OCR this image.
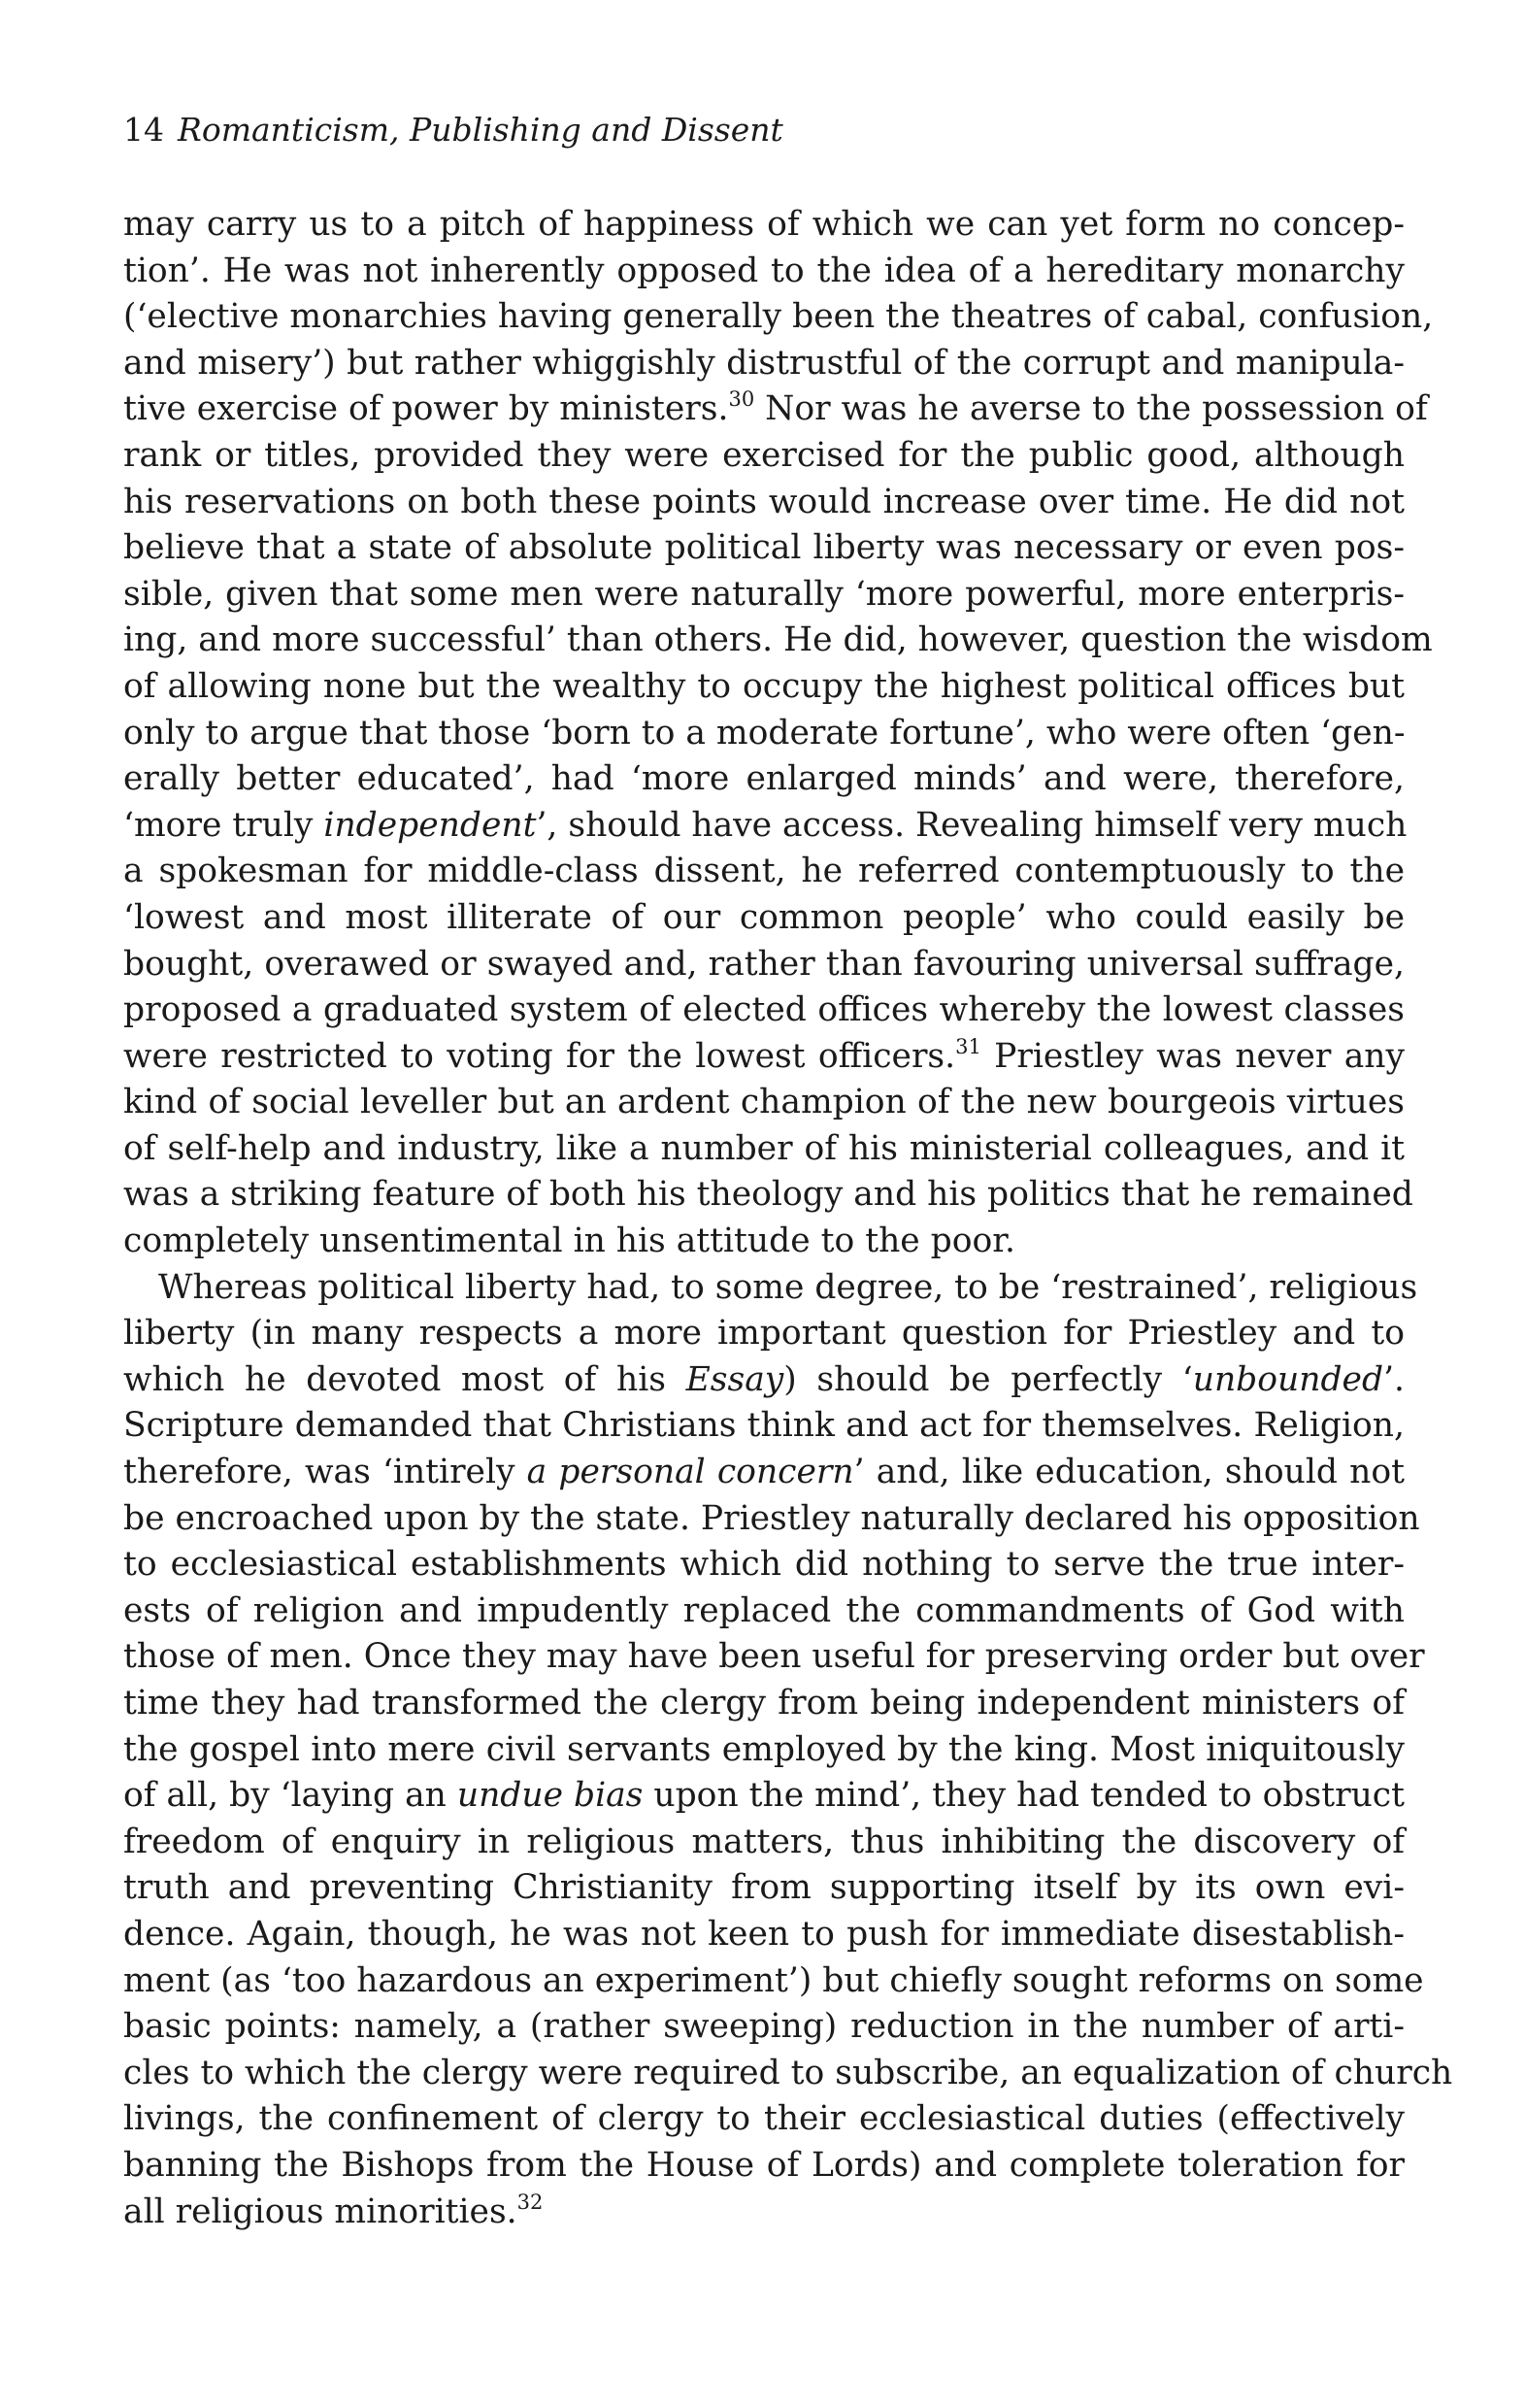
14 Romanticism, Publishing and Dissent
may carry us to a pitch of happiness of which we can yet form no concep-
tion’. He was not inherently opposed to the idea of a hereditary monarchy
(‘elective monarchies having generally been the theatres of cabal, confusion,
and misery’) but rather whiggishly distrustful of the corrupt and manipula-
tive exercise of power by ministers.$^{30}$ Nor was he averse to the possession of
rank or titles, provided they were exercised for the public good, although
his reservations on both these points would increase over time. He did not
believe that a state of absolute political liberty was necessary or even pos-
sible, given that some men were naturally ‘more powerful, more enterpris-
ing, and more successful’ than others. He did, however, question the wisdom
of allowing none but the wealthy to occupy the highest political offices but
only to argue that those ‘born to a moderate fortune’, who were often ‘gen-
erally better educated’, had ‘more enlarged minds’ and were, therefore,
‘more truly independent’, should have access. Revealing himself very much
a spokesman for middle-class dissent, he referred contemptuously to the
‘lowest and most illiterate of our common people’ who could easily be
bought, overawed or swayed and, rather than favouring universal suffrage,
proposed a graduated system of elected offices whereby the lowest classes
were restricted to voting for the lowest officers.$^{31}$ Priestley was never any
kind of social leveller but an ardent champion of the new bourgeois virtues
of self-help and industry, like a number of his ministerial colleagues, and it
was a striking feature of both his theology and his politics that he remained
completely unsentimental in his attitude to the poor.
Whereas political liberty had, to some degree, to be ‘restrained’, religious
liberty (in many respects a more important question for Priestley and to
which he devoted most of his Essay) should be perfectly ‘unbounded’.
Scripture demanded that Christians think and act for themselves. Religion,
therefore, was ‘intirely a personal concern’ and, like education, should not
be encroached upon by the state. Priestley naturally declared his opposition
to ecclesiastical establishments which did nothing to serve the true inter-
ests of religion and impudently replaced the commandments of God with
those of men. Once they may have been useful for preserving order but over
time they had transformed the clergy from being independent ministers of
the gospel into mere civil servants employed by the king. Most iniquitously
of all, by ‘laying an undue bias upon the mind’, they had tended to obstruct
freedom of enquiry in religious matters, thus inhibiting the discovery of
truth and preventing Christianity from supporting itself by its own evi-
dence. Again, though, he was not keen to push for immediate disestablish-
ment (as ‘too hazardous an experiment’) but chiefly sought reforms on some
basic points: namely, a (rather sweeping) reduction in the number of arti-
cles to which the clergy were required to subscribe, an equalization of church
livings, the confinement of clergy to their ecclesiastical duties (effectively
banning the Bishops from the House of Lords) and complete toleration for
all religious minorities.$^{32}$
